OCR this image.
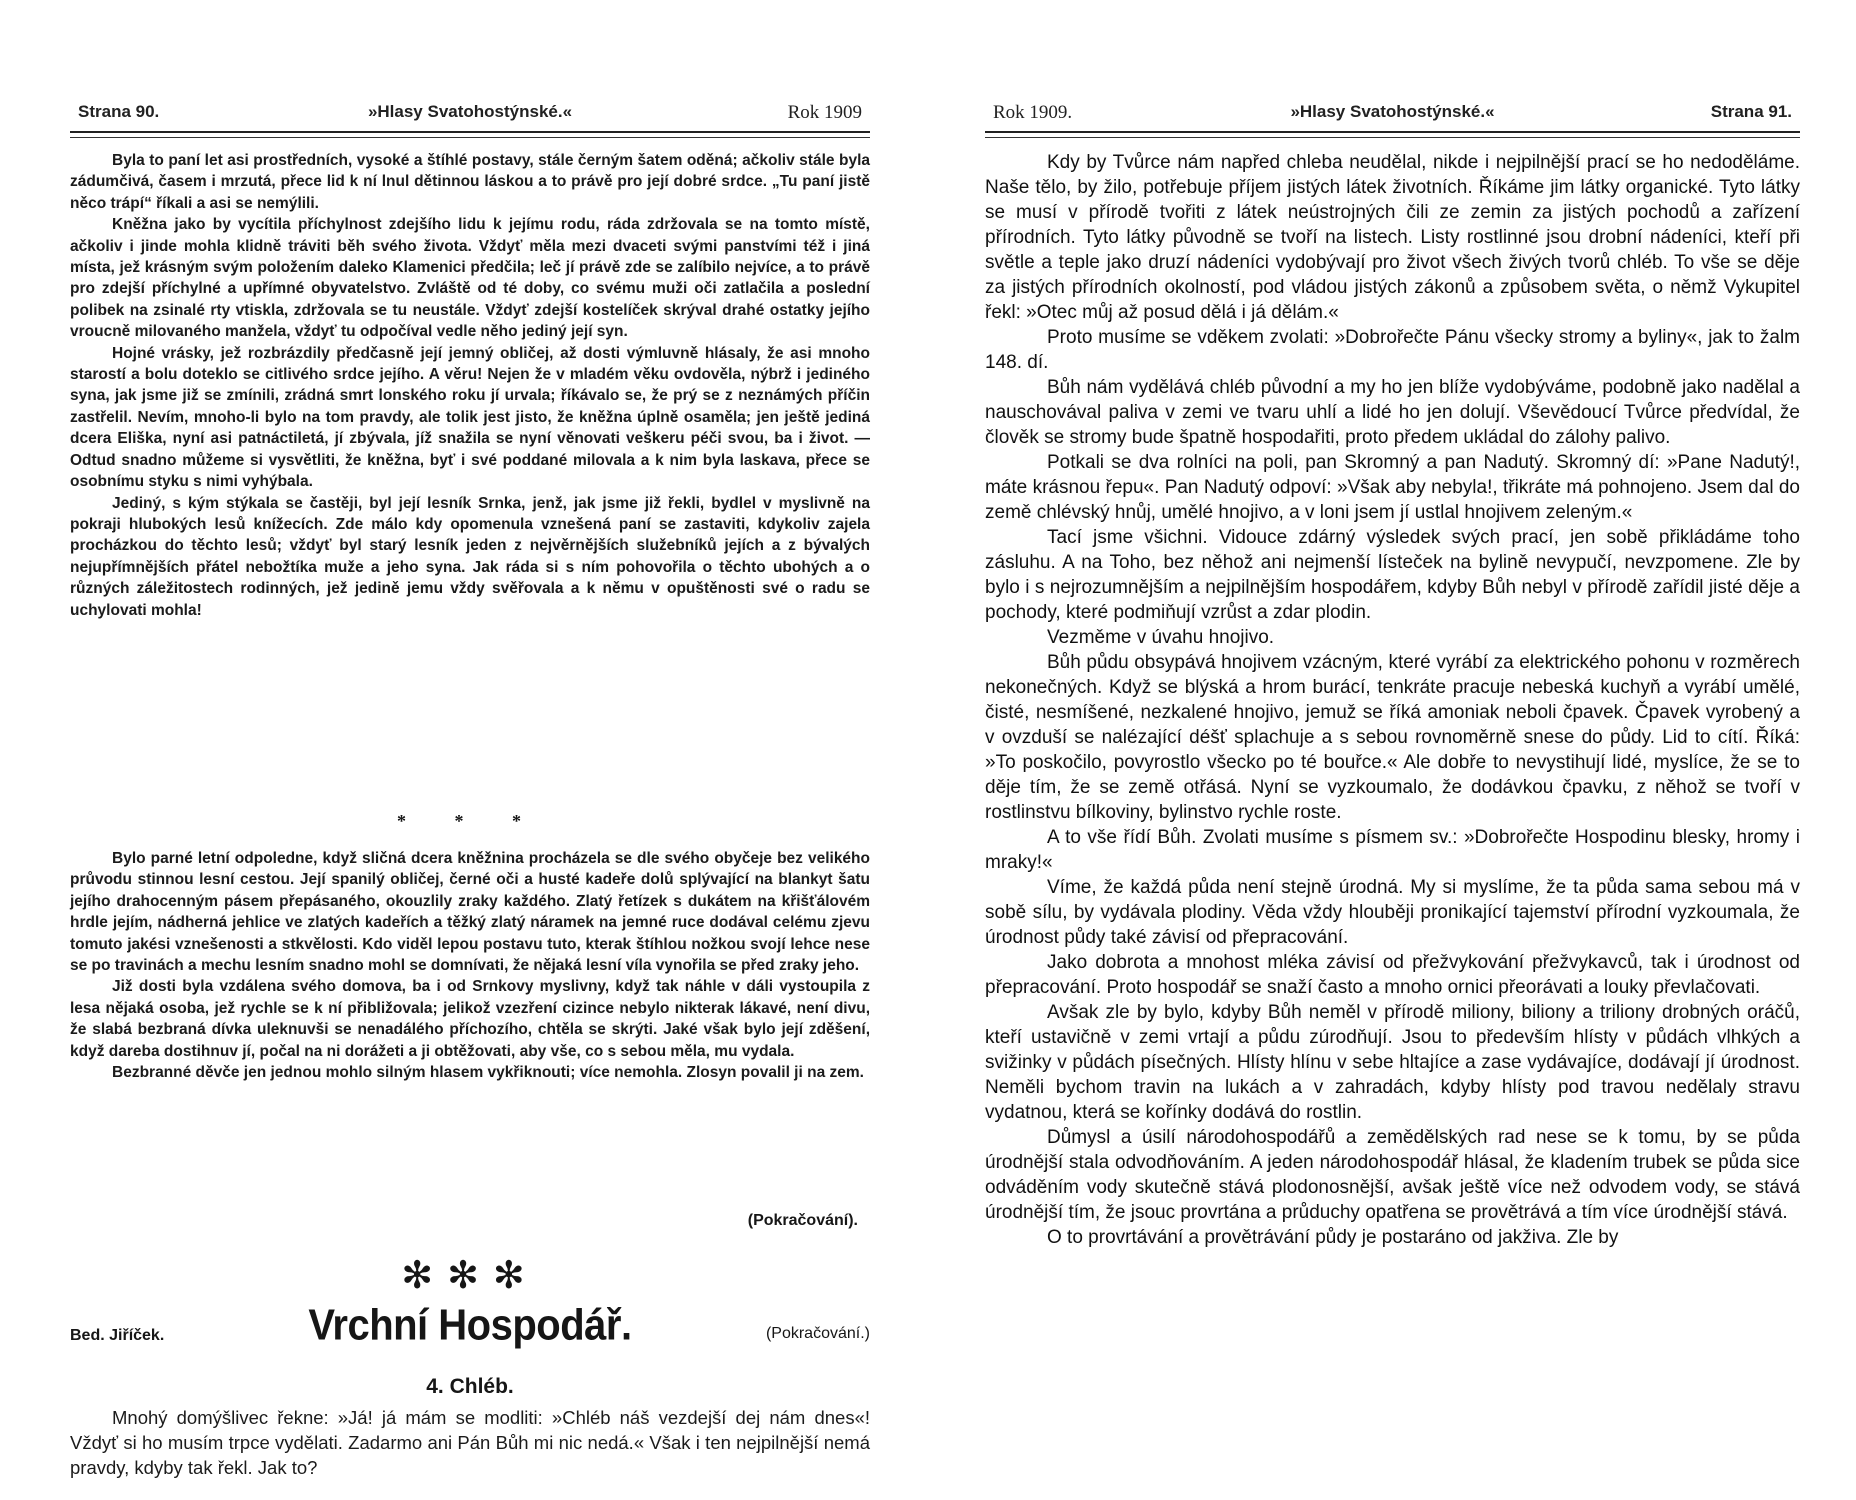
Strana 90.	»Hlasy Svatohostýnské.«	Rok 1909

Byla to paní let asi prostředních, vysoké a štíhlé postavy, stále černým šatem oděná; ačkoliv stále byla zádumčivá, časem i mrzutá, přece lid k ní lnul dětinnou láskou a to právě pro její dobré srdce. „Tu paní jistě něco trápí“ říkali a asi se nemýlili.

Kněžna jako by vycítila příchylnost zdejšího lidu k jejímu rodu, ráda zdržovala se na tomto místě, ačkoliv i jinde mohla klidně tráviti běh svého života. Vždyť měla mezi dvaceti svými panstvími též i jiná místa, jež krásným svým položením daleko Klamenici předčila; leč jí právě zde se zalíbilo nejvíce, a to právě pro zdejší příchylné a upřímné obyvatelstvo. Zvláště od té doby, co svému muži oči zatlačila a poslední polibek na zsinalé rty vtiskla, zdržovala se tu neustále. Vždyť zdejší kostelíček skrýval drahé ostatky jejího vroucně milovaného manžela, vždyť tu odpočíval vedle něho jediný její syn.

Hojné vrásky, jež rozbrázdily předčasně její jemný obličej, až dosti výmluvně hlásaly, že asi mnoho starostí a bolu doteklo se citlivého srdce jejího. A věru! Nejen že v mladém věku ovdověla, nýbrž i jediného syna, jak jsme již se zmínili, zrádná smrt lonského roku jí urvala; říkávalo se, že prý se z neznámých příčin zastřelil. Nevím, mnoho-li bylo na tom pravdy, ale tolik jest jisto, že kněžna úplně osaměla; jen ještě jediná dcera Eliška, nyní asi patnáctiletá, jí zbývala, jíž snažila se nyní věnovati veškeru péči svou, ba i život. — Odtud snadno můžeme si vysvětliti, že kněžna, byť i své poddané milovala a k nim byla laskava, přece se osobnímu styku s nimi vyhýbala.

Jediný, s kým stýkala se častěji, byl její lesník Srnka, jenž, jak jsme již řekli, bydlel v myslivně na pokraji hlubokých lesů knížecích. Zde málo kdy opomenula vznešená paní se zastaviti, kdykoliv zajela procházkou do těchto lesů; vždyť byl starý lesník jeden z nejvěrnějších služebníků jejích a z bývalých nejupřímnějších přátel nebožtíka muže a jeho syna. Jak ráda si s ním pohovořila o těchto ubohých a o různých záležitostech rodinných, jež jedině jemu vždy svěřovala a k němu v opuštěnosti své o radu se uchylovati mohla!

* * *

Bylo parné letní odpoledne, když sličná dcera kněžnina procházela se dle svého obyčeje bez velikého průvodu stinnou lesní cestou. Její spanilý obličej, černé oči a husté kadeře dolů splývající na blankyt šatu jejího drahocenným pásem přepásaného, okouzlily zraky každého. Zlatý řetízek s dukátem na křišťálovém hrdle jejím, nádherná jehlice ve zlatých kadeřích a těžký zlatý náramek na jemné ruce dodával celému zjevu tomuto jakési vznešenosti a stkvělosti. Kdo viděl lepou postavu tuto, kterak štíhlou nožkou svojí lehce nese se po travinách a mechu lesním snadno mohl se domnívati, že nějaká lesní víla vynořila se před zraky jeho.

Již dosti byla vzdálena svého domova, ba i od Srnkovy myslivny, když tak náhle v dáli vystoupila z lesa nějaká osoba, jež rychle se k ní přibližovala; jelikož vzezření cizince nebylo nikterak lákavé, není divu, že slabá bezbraná dívka uleknuvši se nenadálého příchozího, chtěla se skrýti. Jaké však bylo její zděšení, když dareba dostihnuv jí, počal na ni dorážeti a ji obtěžovati, aby vše, co s sebou měla, mu vydala.

Bezbranné děvče jen jednou mohlo silným hlasem vykřiknouti; více nemohla. Zlosyn povalil ji na zem.

(Pokračování).
✻✻✻
Bed. Jiříček.	Vrchní Hospodář.	(Pokračování.)
4. Chléb.

Mnohý domýšlivec řekne: »Já! já mám se modliti: »Chléb náš vezdejší dej nám dnes«! Vždyť si ho musím trpce vydělati. Zadarmo ani Pán Bůh mi nic nedá.« Však i ten nejpilnější nemá pravdy, kdyby tak řekl. Jak to?

Rok 1909.	»Hlasy Svatohostýnské.«	Strana 91.

Kdy by Tvůrce nám napřed chleba neudělal, nikde i nejpilnější prací se ho nedoděláme. Naše tělo, by žilo, potřebuje příjem jistých látek životních. Říkáme jim látky organické. Tyto látky se musí v přírodě tvořiti z látek neústrojných čili ze zemin za jistých pochodů a zařízení přírodních. Tyto látky původně se tvoří na listech. Listy rostlinné jsou drobní nádeníci, kteří při světle a teple jako druzí nádeníci vydobývají pro život všech živých tvorů chléb. To vše se děje za jistých přírodních okolností, pod vládou jistých zákonů a způsobem světa, o němž Vykupitel řekl: »Otec můj až posud dělá i já dělám.«

Proto musíme se vděkem zvolati: »Dobrořečte Pánu všecky stromy a byliny«, jak to žalm 148. dí.

Bůh nám vydělává chléb původní a my ho jen blíže vydobýváme, podobně jako nadělal a nauschovával paliva v zemi ve tvaru uhlí a lidé ho jen dolují. Vševědoucí Tvůrce předvídal, že člověk se stromy bude špatně hospodařiti, proto předem ukládal do zálohy palivo.

Potkali se dva rolníci na poli, pan Skromný a pan Nadutý. Skromný dí: »Pane Nadutý!, máte krásnou řepu«. Pan Nadutý odpoví: »Však aby nebyla!, třikráte má pohnojeno. Jsem dal do země chlévský hnůj, umělé hnojivo, a v loni jsem jí ustlal hnojivem zeleným.«

Tací jsme všichni. Vidouce zdárný výsledek svých prací, jen sobě přikládáme toho zásluhu. A na Toho, bez něhož ani nejmenší lísteček na bylině nevypučí, nevzpomene. Zle by bylo i s nejrozumnějším a nejpilnějším hospodářem, kdyby Bůh nebyl v přírodě zařídil jisté děje a pochody, které podmiňují vzrůst a zdar plodin.

Vezměme v úvahu hnojivo.

Bůh půdu obsypává hnojivem vzácným, které vyrábí za elektrického pohonu v rozměrech nekonečných. Když se blýská a hrom burácí, tenkráte pracuje nebeská kuchyň a vyrábí umělé, čisté, nesmíšené, nezkalené hnojivo, jemuž se říká amoniak neboli čpavek. Čpavek vyrobený a v ovzduší se nalézající déšť splachuje a s sebou rovnoměrně snese do půdy. Lid to cítí. Říká: »To poskočilo, povyrostlo všecko po té bouřce.« Ale dobře to nevystihují lidé, myslíce, že se to děje tím, že se země otřásá. Nyní se vyzkoumalo, že dodávkou čpavku, z něhož se tvoří v rostlinstvu bílkoviny, bylinstvo rychle roste.

A to vše řídí Bůh. Zvolati musíme s písmem sv.: »Dobrořečte Hospodinu blesky, hromy i mraky!«

Víme, že každá půda není stejně úrodná. My si myslíme, že ta půda sama sebou má v sobě sílu, by vydávala plodiny. Věda vždy hlouběji pronikající tajemství přírodní vyzkoumala, že úrodnost půdy také závisí od přepracování.

Jako dobrota a mnohost mléka závisí od přežvykování přežvykavců, tak i úrodnost od přepracování. Proto hospodář se snaží často a mnoho ornici přeorávati a louky převlačovati.

Avšak zle by bylo, kdyby Bůh neměl v přírodě miliony, biliony a triliony drobných oráčů, kteří ustavičně v zemi vrtají a půdu zúrodňují. Jsou to především hlísty v půdách vlhkých a svižinky v půdách písečných. Hlísty hlínu v sebe hltajíce a zase vydávajíce, dodávají jí úrodnost. Neměli bychom travin na lukách a v zahradách, kdyby hlísty pod travou nedělaly stravu vydatnou, která se kořínky dodává do rostlin.

Důmysl a úsilí národohospodářů a zemědělských rad nese se k tomu, by se půda úrodnější stala odvodňováním. A jeden národohospodář hlásal, že kladením trubek se půda sice odváděním vody skutečně stává plodonosnější, avšak ještě více než odvodem vody, se stává úrodnější tím, že jsouc provrtána a průduchy opatřena se provětrává a tím více úrodnější stává.

O to provrtávání a provětrávání půdy je postaráno od jakživa. Zle by
